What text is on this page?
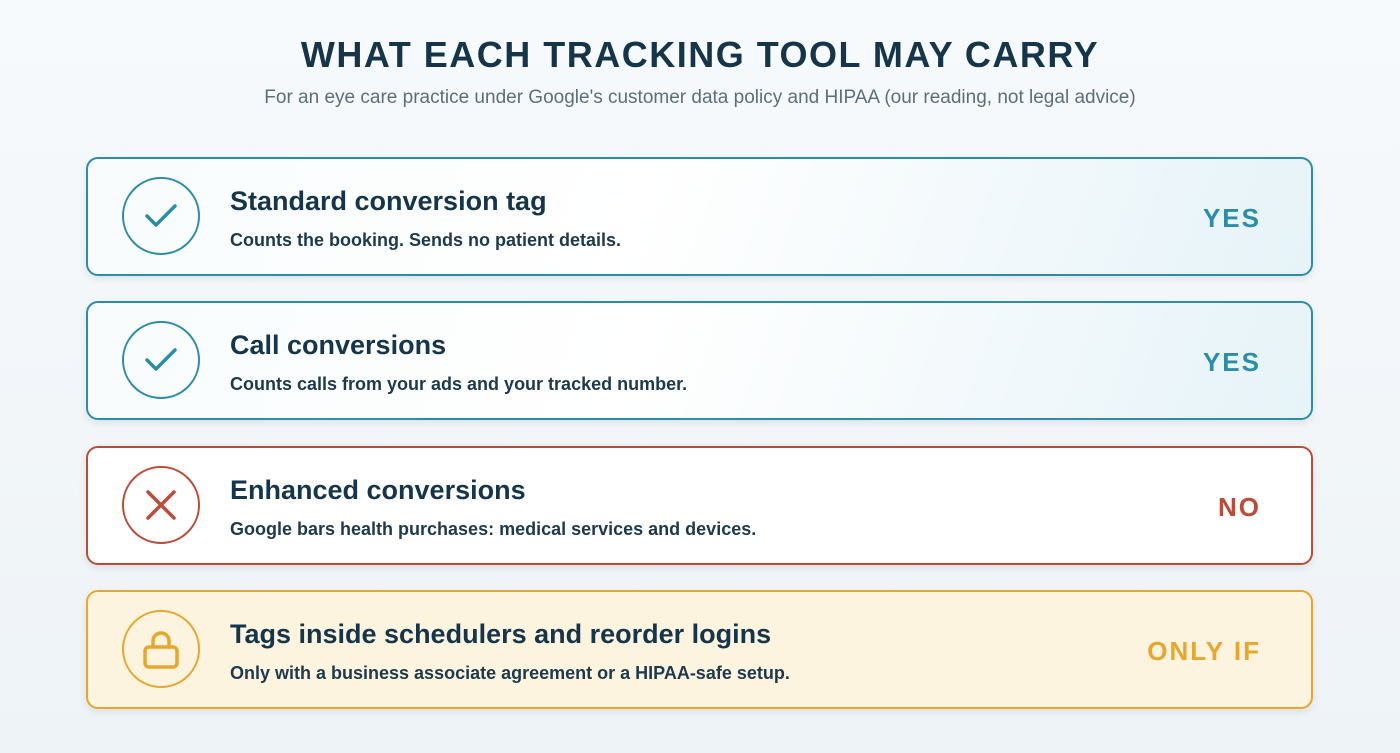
WHAT EACH TRACKING TOOL MAY CARRY
For an eye care practice under Google's customer data policy and HIPAA (our reading, not legal advice)
Standard conversion tag
Counts the booking. Sends no patient details.
YES
Call conversions
Counts calls from your ads and your tracked number.
YES
Enhanced conversions
Google bars health purchases: medical services and devices.
NO
Tags inside schedulers and reorder logins
Only with a business associate agreement or a HIPAA-safe setup.
ONLY IF
